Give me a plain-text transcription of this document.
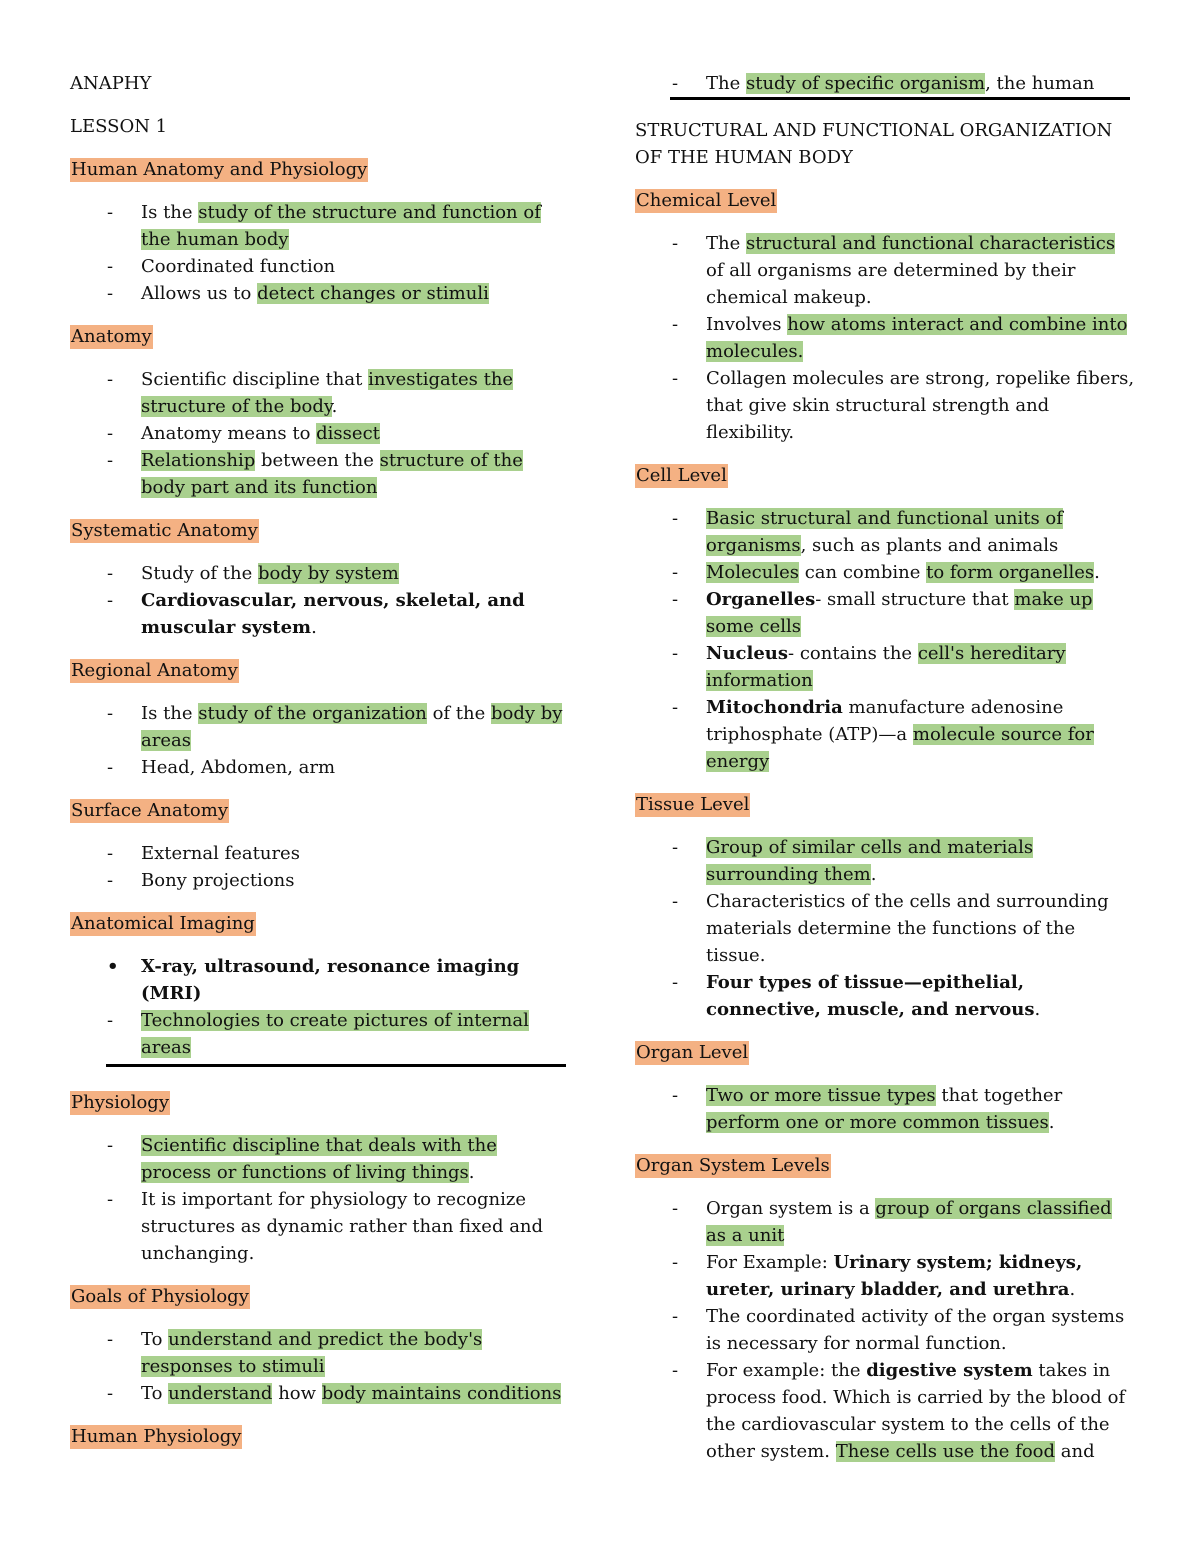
ANAPHY

LESSON 1

Human Anatomy and Physiology

- Is the study of the structure and function of the human body
- Coordinated function
- Allows us to detect changes or stimuli

Anatomy

- Scientific discipline that investigates the structure of the body.
- Anatomy means to dissect
- Relationship between the structure of the body part and its function

Systematic Anatomy

- Study of the body by system
- Cardiovascular, nervous, skeletal, and muscular system.

Regional Anatomy

- Is the study of the organization of the body by areas
- Head, Abdomen, arm

Surface Anatomy

- External features
- Bony projections

Anatomical Imaging

• X-ray, ultrasound, resonance imaging (MRI)
- Technologies to create pictures of internal areas

Physiology

- Scientific discipline that deals with the process or functions of living things.
- It is important for physiology to recognize structures as dynamic rather than fixed and unchanging.

Goals of Physiology

- To understand and predict the body's responses to stimuli
- To understand how body maintains conditions

Human Physiology

- The study of specific organism, the human

STRUCTURAL AND FUNCTIONAL ORGANIZATION OF THE HUMAN BODY

Chemical Level

- The structural and functional characteristics of all organisms are determined by their chemical makeup.
- Involves how atoms interact and combine into molecules.
- Collagen molecules are strong, ropelike fibers, that give skin structural strength and flexibility.

Cell Level

- Basic structural and functional units of organisms, such as plants and animals
- Molecules can combine to form organelles.
- Organelles- small structure that make up some cells
- Nucleus- contains the cell's hereditary information
- Mitochondria manufacture adenosine triphosphate (ATP)—a molecule source for energy

Tissue Level

- Group of similar cells and materials surrounding them.
- Characteristics of the cells and surrounding materials determine the functions of the tissue.
- Four types of tissue—epithelial, connective, muscle, and nervous.

Organ Level

- Two or more tissue types that together perform one or more common tissues.

Organ System Levels

- Organ system is a group of organs classified as a unit
- For Example: Urinary system; kidneys, ureter, urinary bladder, and urethra.
- The coordinated activity of the organ systems is necessary for normal function.
- For example: the digestive system takes in process food. Which is carried by the blood of the cardiovascular system to the cells of the other system. These cells use the food and
